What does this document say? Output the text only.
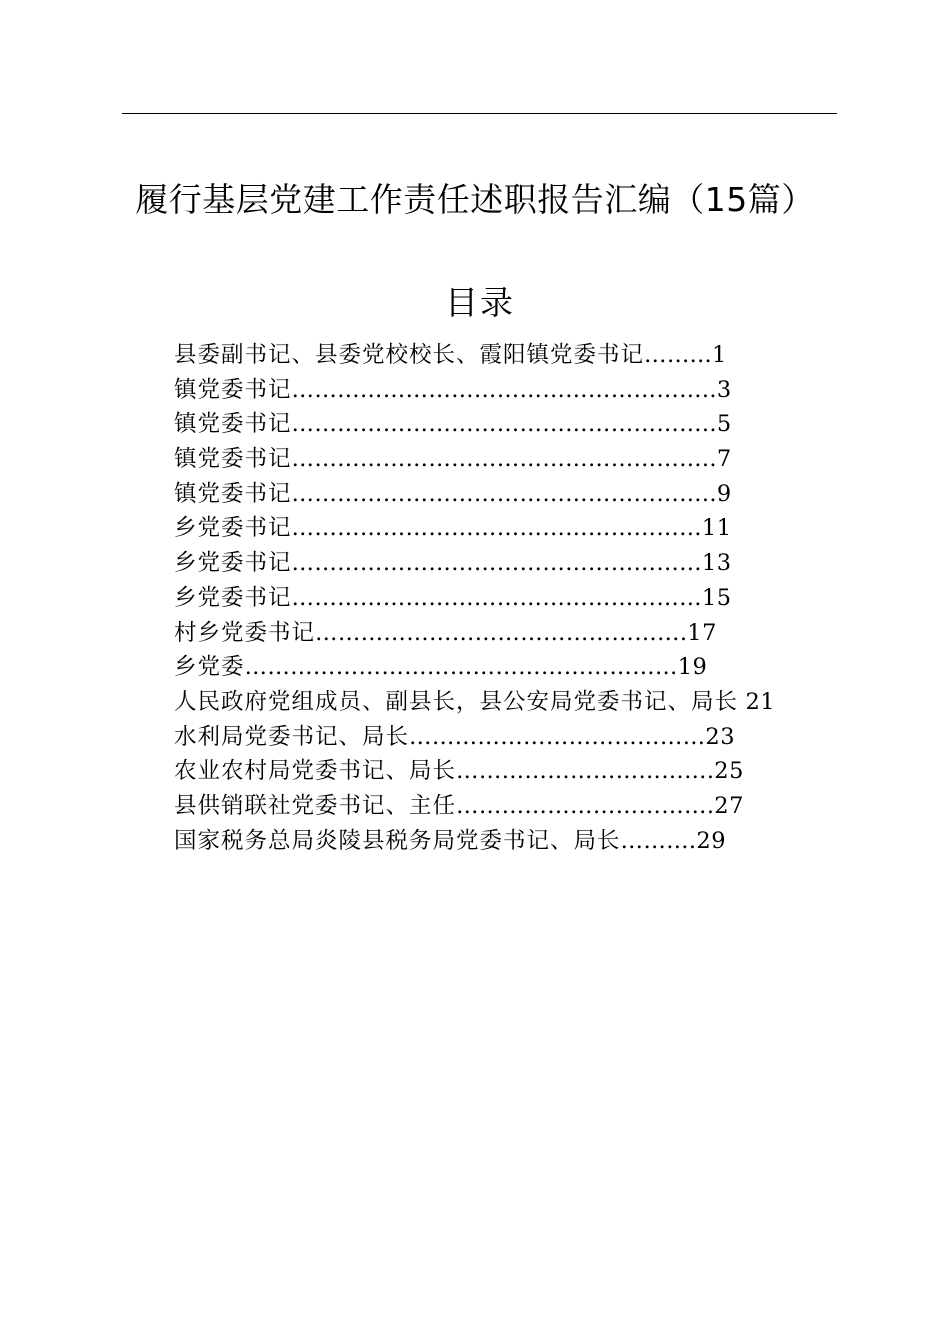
履行基层党建工作责任述职报告汇编（15篇）
目录
县委副书记、县委党校校长、霞阳镇党委书记……...1
镇党委书记………………………………………………..3
镇党委书记………………………………………………..5
镇党委书记………………………………………………..7
镇党委书记………………………………………………..9
乡党委书记………………………………………………11
乡党委书记………………………………………………13
乡党委书记………………………………………………15
村乡党委书记………………………………………….17
乡党委…………………………………………………19
人民政府党组成员、副县长，县公安局党委书记、局长 21
水利局党委书记、局长…………………………………23
农业农村局党委书记、局长…………………………….25
县供销联社党委书记、主任…………………………….27
国家税务总局炎陵县税务局党委书记、局长……….29
